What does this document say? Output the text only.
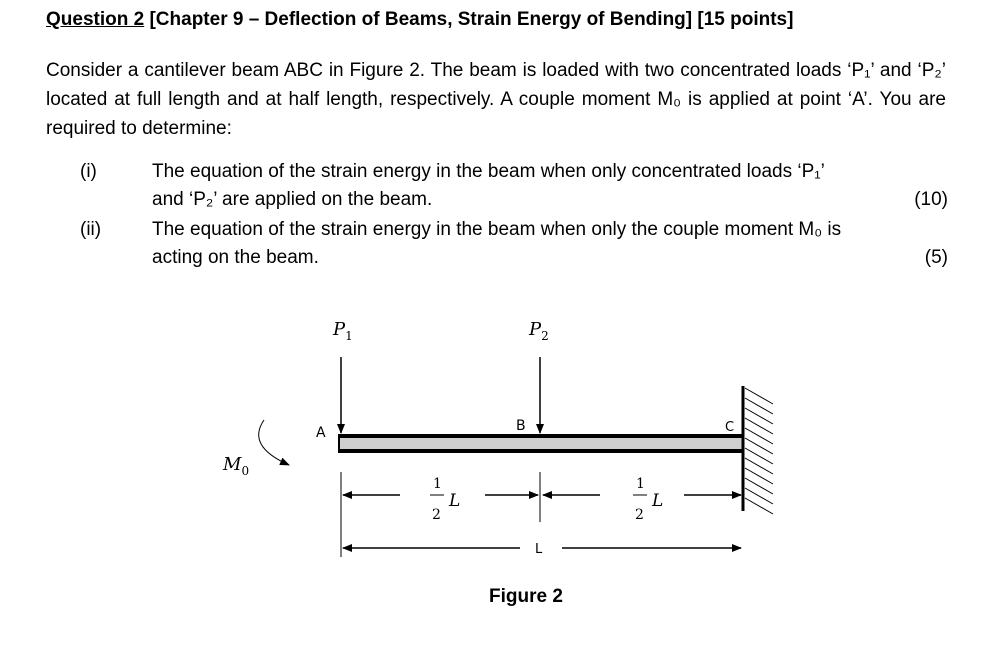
Question 2 [Chapter 9 – Deflection of Beams, Strain Energy of Bending] [15 points]

Consider a cantilever beam ABC in Figure 2. The beam is loaded with two concentrated loads ‘P₁’ and ‘P₂’ located at full length and at half length, respectively. A couple moment M₀ is applied at point ‘A’. You are required to determine:

(i)	The equation of the strain energy in the beam when only concentrated loads ‘P₁’
and ‘P₂’ are applied on the beam.	(10)
(ii)	The equation of the strain energy in the beam when only the couple moment M₀ is
acting on the beam.	(5)
$P_1$	$P_2$
A	B	C
$M_0$
1
2
L
1
2
L
L
Figure 2
